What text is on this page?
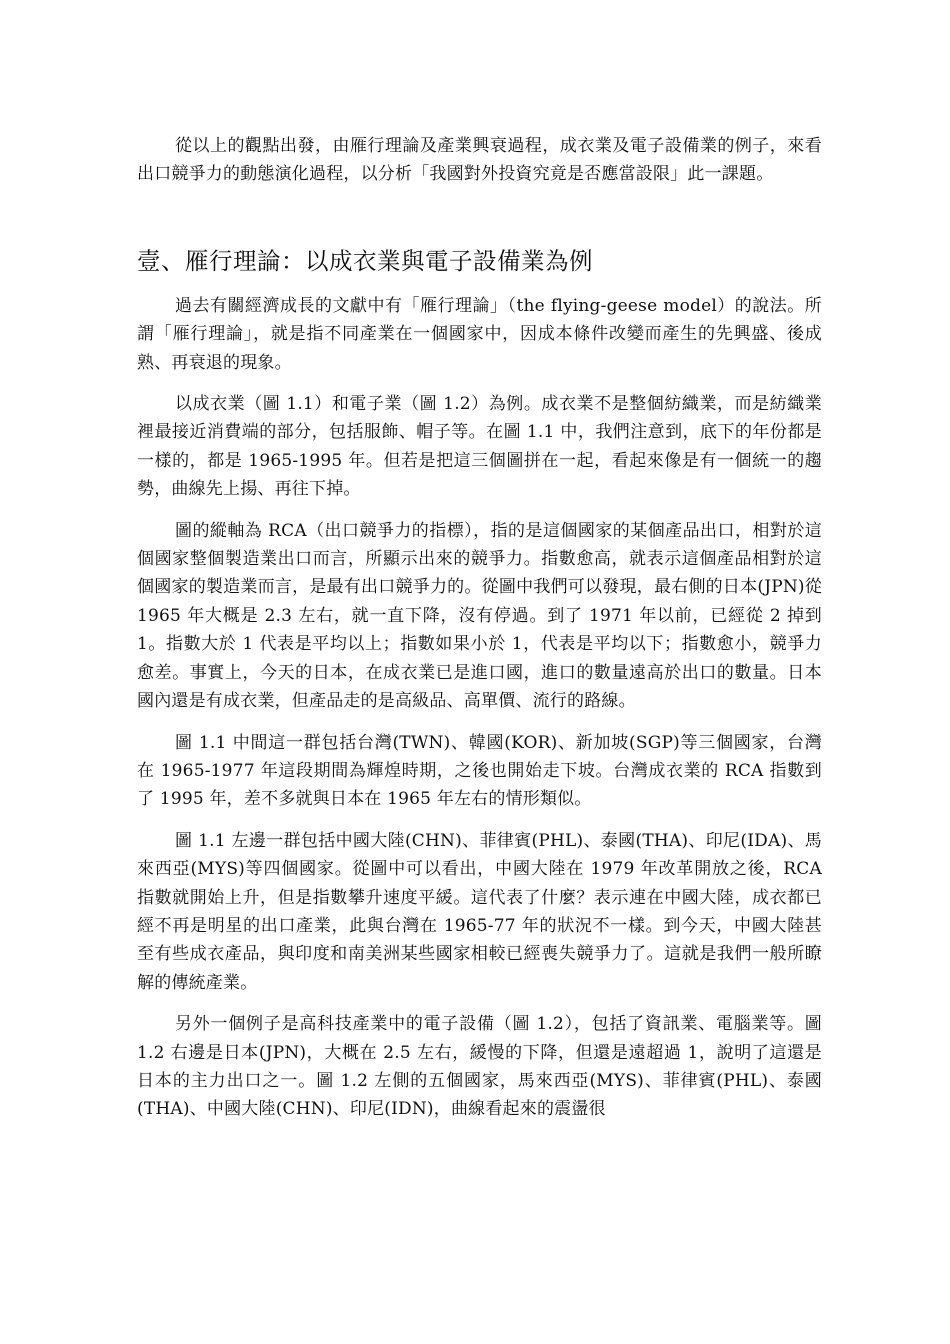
從以上的觀點出發，由雁行理論及產業興衰過程，成衣業及電子設備業的例子，來看出口競爭力的動態演化過程，以分析「我國對外投資究竟是否應當設限」此一課題。

壹、雁行理論：以成衣業與電子設備業為例

過去有關經濟成長的文獻中有「雁行理論」（the flying-geese model）的說法。所謂「雁行理論」，就是指不同產業在一個國家中，因成本條件改變而產生的先興盛、後成熟、再衰退的現象。

以成衣業（圖 1.1）和電子業（圖 1.2）為例。成衣業不是整個紡織業，而是紡織業裡最接近消費端的部分，包括服飾、帽子等。在圖 1.1 中，我們注意到，底下的年份都是一樣的，都是 1965-1995 年。但若是把這三個圖拼在一起，看起來像是有一個統一的趨勢，曲線先上揚、再往下掉。

圖的縱軸為 RCA（出口競爭力的指標），指的是這個國家的某個產品出口，相對於這個國家整個製造業出口而言，所顯示出來的競爭力。指數愈高，就表示這個產品相對於這個國家的製造業而言，是最有出口競爭力的。從圖中我們可以發現，最右側的日本(JPN)從 1965 年大概是 2.3 左右，就一直下降，沒有停過。到了 1971 年以前，已經從 2 掉到 1。指數大於 1 代表是平均以上；指數如果小於 1，代表是平均以下；指數愈小，競爭力愈差。事實上，今天的日本，在成衣業已是進口國，進口的數量遠高於出口的數量。日本國內還是有成衣業，但產品走的是高級品、高單價、流行的路線。

圖 1.1 中間這一群包括台灣(TWN)、韓國(KOR)、新加坡(SGP)等三個國家，台灣在 1965-1977 年這段期間為輝煌時期，之後也開始走下坡。台灣成衣業的 RCA 指數到了 1995 年，差不多就與日本在 1965 年左右的情形類似。

圖 1.1 左邊一群包括中國大陸(CHN)、菲律賓(PHL)、泰國(THA)、印尼(IDA)、馬來西亞(MYS)等四個國家。從圖中可以看出，中國大陸在 1979 年改革開放之後，RCA 指數就開始上升，但是指數攀升速度平緩。這代表了什麼？表示連在中國大陸，成衣都已經不再是明星的出口產業，此與台灣在 1965-77 年的狀況不一樣。到今天，中國大陸甚至有些成衣產品，與印度和南美洲某些國家相較已經喪失競爭力了。這就是我們一般所瞭解的傳統產業。

另外一個例子是高科技產業中的電子設備（圖 1.2），包括了資訊業、電腦業等。圖 1.2 右邊是日本(JPN)，大概在 2.5 左右，緩慢的下降，但還是遠超過 1，說明了這還是日本的主力出口之一。圖 1.2 左側的五個國家，馬來西亞(MYS)、菲律賓(PHL)、泰國(THA)、中國大陸(CHN)、印尼(IDN)，曲線看起來的震盪很
